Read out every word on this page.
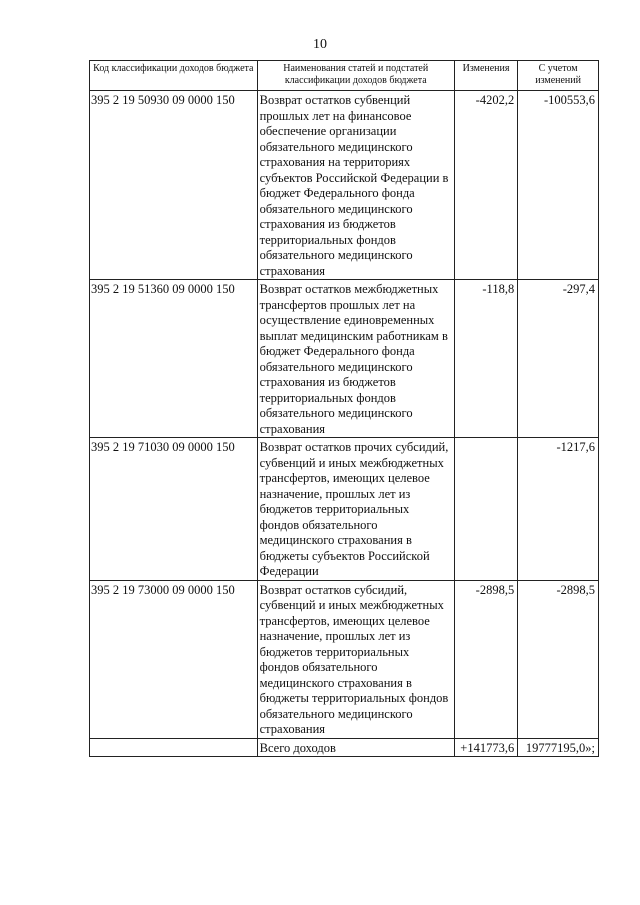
10
Код классификации доходов бюджета	Наименования статей и подстатей классификации доходов бюджета	Изменения	С учетом изменений
395 2 19 50930 09 0000 150	Возврат остатков субвенций прошлых лет на финансовое обеспечение организации обязательного медицинского страхования на территориях субъектов Российской Федерации в бюджет Федерального фонда обязательного медицинского страхования из бюджетов территориальных фондов обязательного медицинского страхования	-4202,2	-100553,6
395 2 19 51360 09 0000 150	Возврат остатков межбюджетных трансфертов прошлых лет на осуществление единовременных выплат медицинским работникам в бюджет Федерального фонда обязательного медицинского страхования из бюджетов территориальных фондов обязательного медицинского страхования	-118,8	-297,4
395 2 19 71030 09 0000 150	Возврат остатков прочих субсидий, субвенций и иных межбюджетных трансфертов, имеющих целевое назначение, прошлых лет из бюджетов территориальных фондов обязательного медицинского страхования в бюджеты субъектов Российской Федерации		-1217,6
395 2 19 73000 09 0000 150	Возврат остатков субсидий, субвенций и иных межбюджетных трансфертов, имеющих целевое назначение, прошлых лет из бюджетов территориальных фондов обязательного медицинского страхования в бюджеты территориальных фондов обязательного медицинского страхования	-2898,5	-2898,5
	Всего доходов	+141773,6	19777195,0»;
